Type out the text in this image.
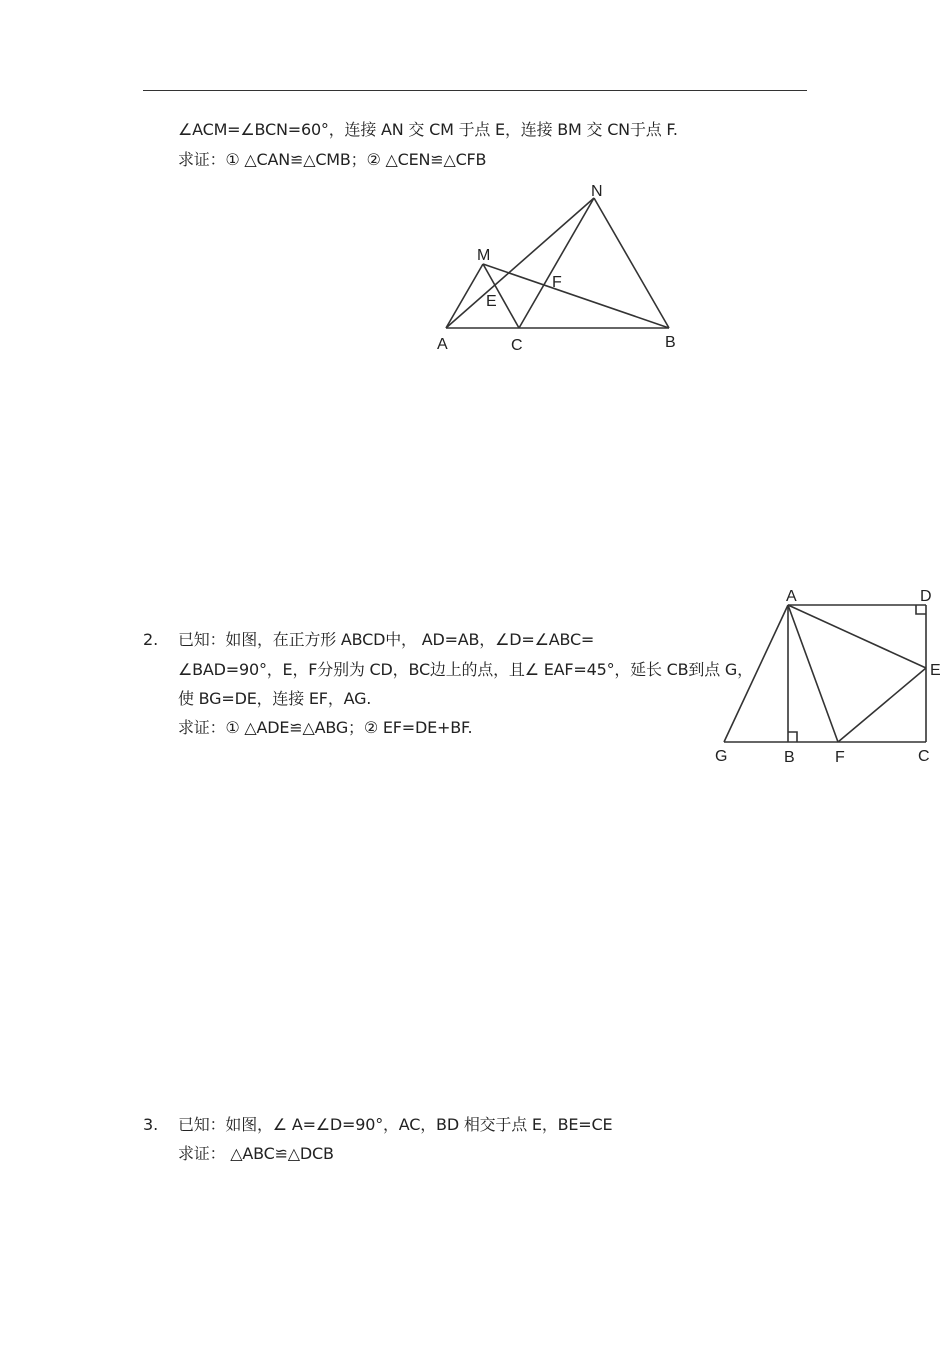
∠ACM=∠BCN=60°，连接 AN 交 CM 于点 E，连接 BM 交 CN于点 F.
求证：① △CAN≌△CMB；② △CEN≌△CFB
N
M
F
E
A	C	B
2. 已知：如图，在正方形 ABCD中， AD=AB，∠D=∠ABC=
∠BAD=90°，E，F分别为 CD，BC边上的点，且∠ EAF=45°，延长 CB到点 G，
使 BG=DE，连接 EF，AG.
求证：① △ADE≌△ABG；② EF=DE+BF.
A	D
E
G	B	F	C
3. 已知：如图，∠ A=∠D=90°，AC，BD 相交于点 E，BE=CE
求证： △ABC≌△DCB
